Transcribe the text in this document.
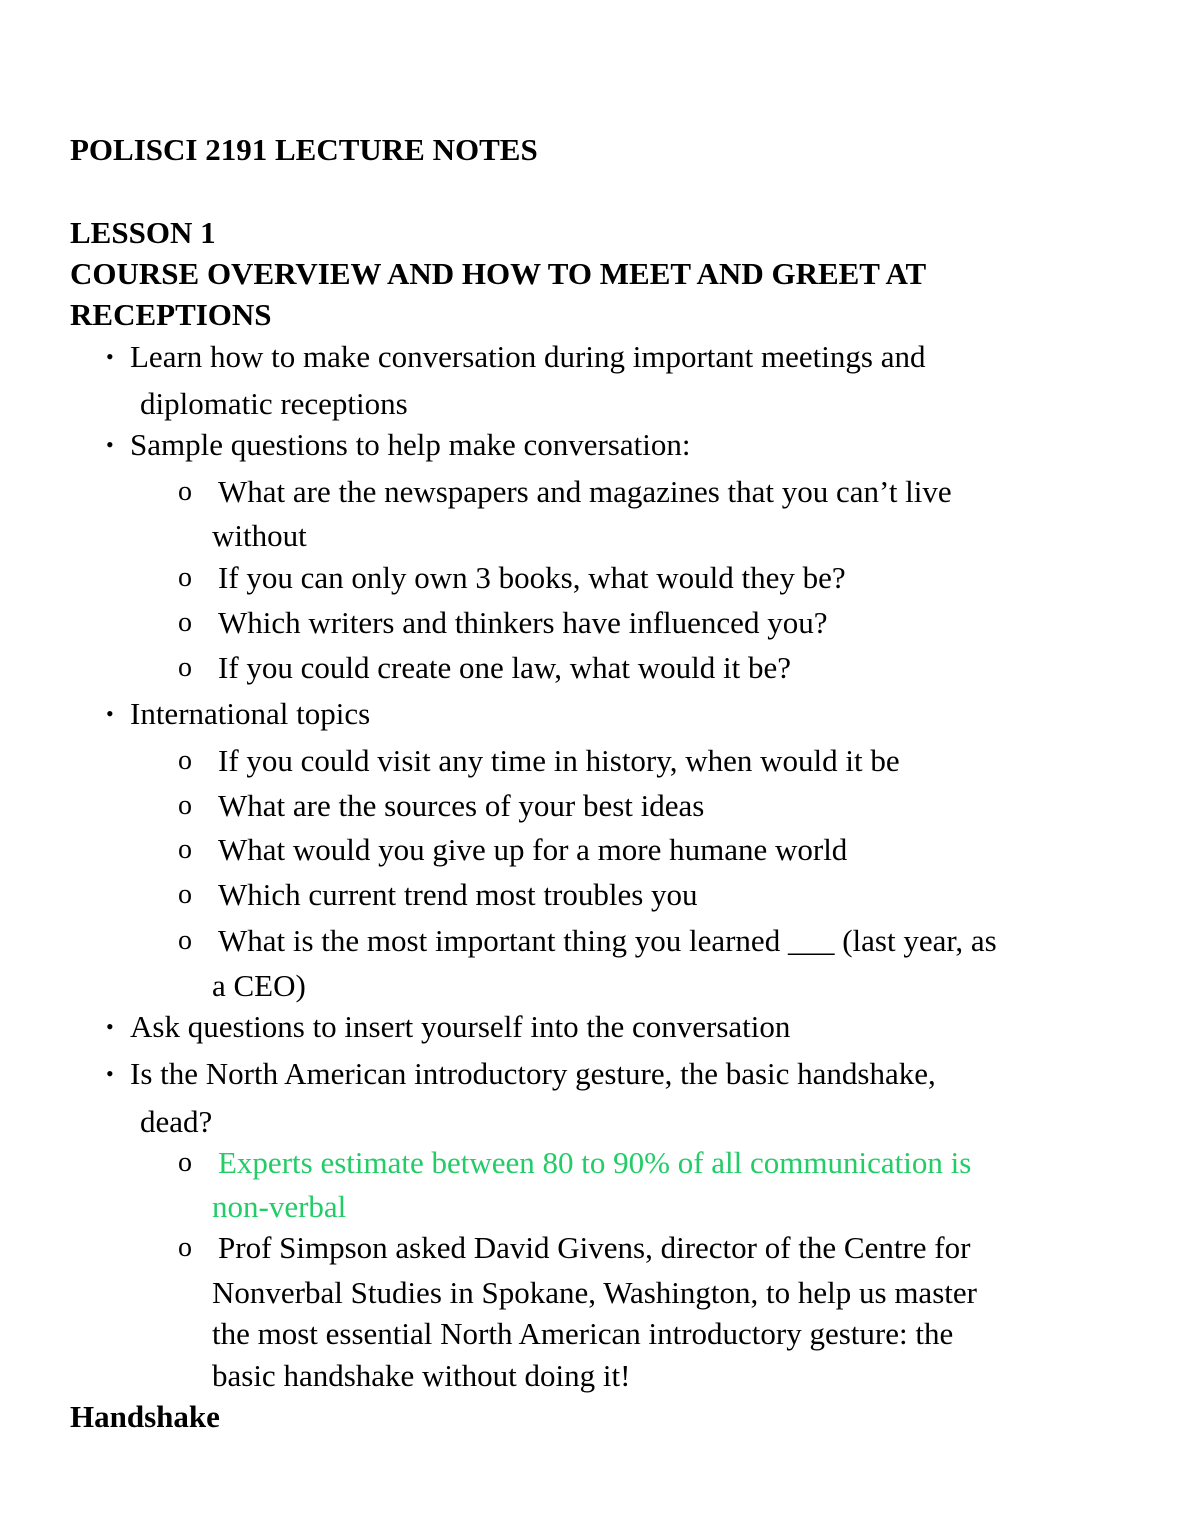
POLISCI 2191 LECTURE NOTES

LESSON 1

COURSE OVERVIEW AND HOW TO MEET AND GREET AT

RECEPTIONS

• Learn how to make conversation during important meetings and

diplomatic receptions

• Sample questions to help make conversation:

o What are the newspapers and magazines that you can’t live

without

o If you can only own 3 books, what would they be?

o Which writers and thinkers have influenced you?

o If you could create one law, what would it be?

• International topics

o If you could visit any time in history, when would it be

o What are the sources of your best ideas

o What would you give up for a more humane world

o Which current trend most troubles you

o What is the most important thing you learned ___ (last year, as

a CEO)

• Ask questions to insert yourself into the conversation

• Is the North American introductory gesture, the basic handshake,

dead?

o Experts estimate between 80 to 90% of all communication is

non-verbal

o Prof Simpson asked David Givens, director of the Centre for

Nonverbal Studies in Spokane, Washington, to help us master

the most essential North American introductory gesture: the

basic handshake without doing it!

Handshake
